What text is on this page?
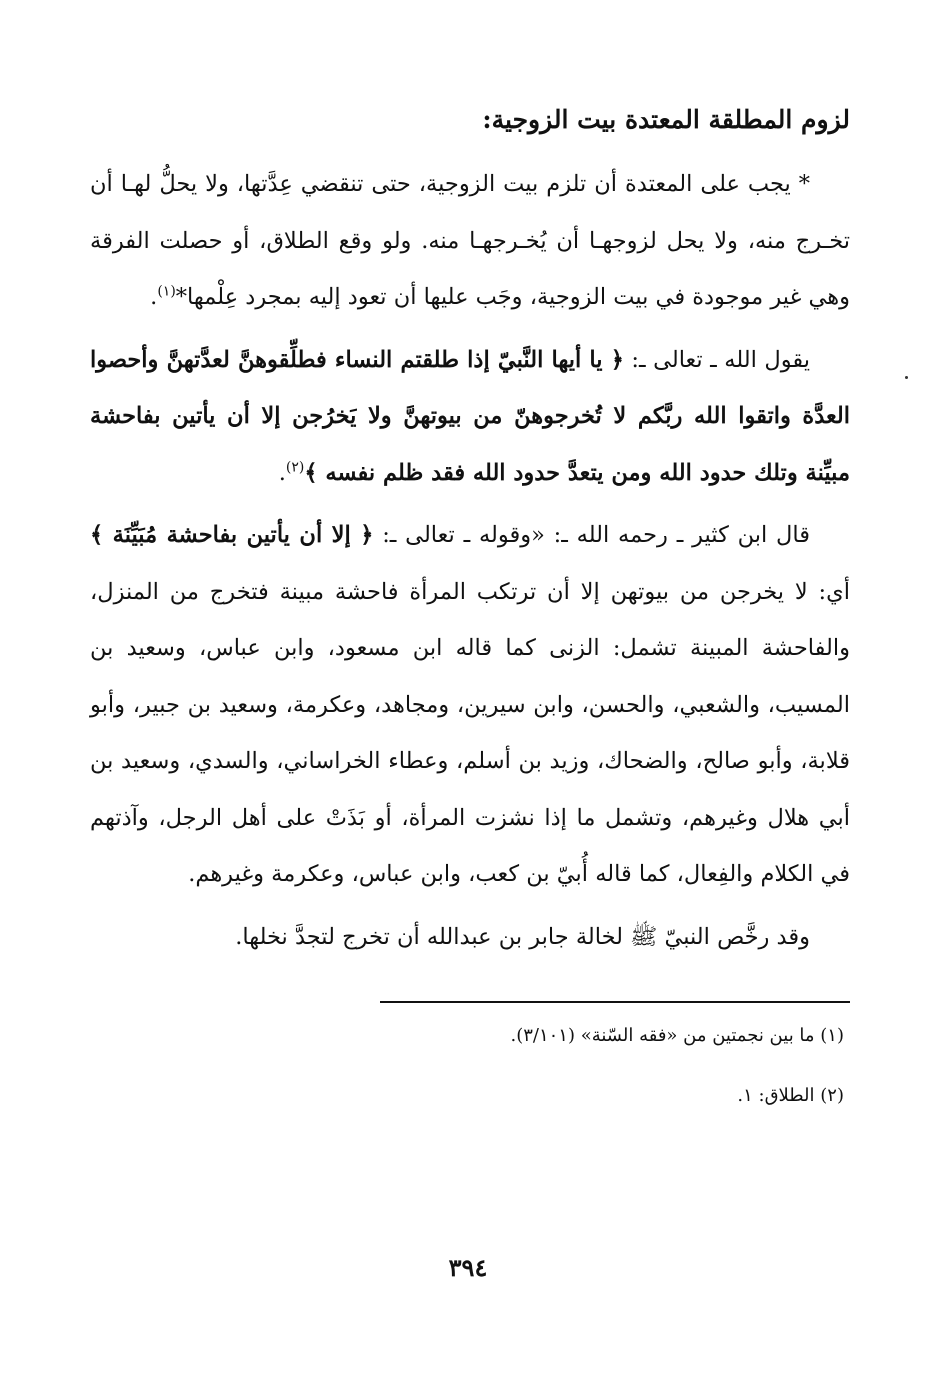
لزوم المطلقة المعتدة بيت الزوجية:

* يجب على المعتدة أن تلزم بيت الزوجية، حتى تنقضي عِدَّتها، ولا يحلُّ لهـا أن تخـرج منه، ولا يحل لزوجهـا أن يُخـرجهـا منه. ولو وقع الطلاق، أو حصلت الفرقة وهي غير موجودة في بيت الزوجية، وجَب عليها أن تعود إليه بمجرد عِلْمها*$^{(١)}$.

يقول الله ـ تعالى ـ: ﴿ يا أيها النَّبيّ إذا طلقتم النساء فطلِّقوهنَّ لعدَّتهنَّ وأحصوا العدَّة واتقوا الله ربَّكم لا تُخرجوهنّ من بيوتهنَّ ولا يَخرُجن إلا أن يأتين بفاحشة مبيِّنة وتلك حدود الله ومن يتعدَّ حدود الله فقد ظلم نفسه ﴾$^{(٢)}$.

قال ابن كثير ـ رحمه الله ـ: «وقوله ـ تعالى ـ: ﴿ إلا أن يأتين بفاحشة مُبَيِّنَة ﴾ أي: لا يخرجن من بيوتهن إلا أن ترتكب المرأة فاحشة مبينة فتخرج من المنزل، والفاحشة المبينة تشمل: الزنى كما قاله ابن مسعود، وابن عباس، وسعيد بن المسيب، والشعبي، والحسن، وابن سيرين، ومجاهد، وعكرمة، وسعيد بن جبير، وأبو قلابة، وأبو صالح، والضحاك، وزيد بن أسلم، وعطاء الخراساني، والسدي، وسعيد بن أبي هلال وغيرهم، وتشمل ما إذا نشزت المرأة، أو بَذَتْ على أهل الرجل، وآذتهم في الكلام والفِعال، كما قاله أُبيّ بن كعب، وابن عباس، وعكرمة وغيرهم.

وقد رخَّص النبيّ ﷺ لخالة جابر بن عبدالله أن تخرج لتجدَّ نخلها.

(١) ما بين نجمتين من «فقه السّنة» (٣/١٠١).

(٢) الطلاق: ١.

٣٩٤
